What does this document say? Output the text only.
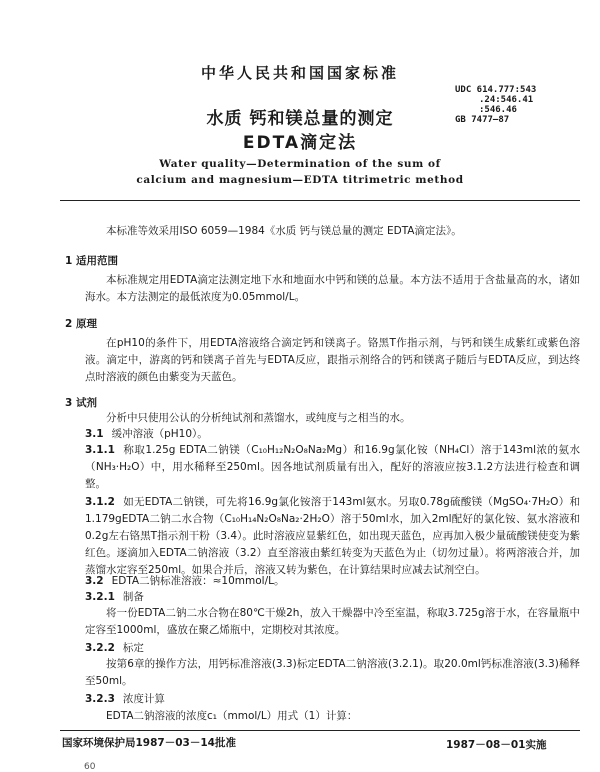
中华人民共和国国家标准
UDC 614.777:543
.24:546.41
:546.46
GB 7477—87
水质 钙和镁总量的测定
EDTA滴定法
Water quality—Determination of the sum of
calcium and magnesium—EDTA titrimetric method
本标准等效采用ISO 6059—1984《水质 钙与镁总量的测定 EDTA滴定法》。
1 适用范围
本标准规定用EDTA滴定法测定地下水和地面水中钙和镁的总量。本方法不适用于含盐量高的水，诸如海水。本方法测定的最低浓度为0.05mmol/L。
2 原理
在pH10的条件下，用EDTA溶液络合滴定钙和镁离子。铬黑T作指示剂，与钙和镁生成紫红或紫色溶液。滴定中，游离的钙和镁离子首先与EDTA反应，跟指示剂络合的钙和镁离子随后与EDTA反应，到达终点时溶液的颜色由紫变为天蓝色。
3 试剂
分析中只使用公认的分析纯试剂和蒸馏水，或纯度与之相当的水。
3.1 缓冲溶液（pH10）。
3.1.1 称取1.25g EDTA二钠镁（C₁₀H₁₂N₂O₈Na₂Mg）和16.9g氯化铵（NH₄Cl）溶于143ml浓的氨水（NH₃·H₂O）中，用水稀释至250ml。因各地试剂质量有出入，配好的溶液应按3.1.2方法进行检查和调整。
3.1.2 如无EDTA二钠镁，可先将16.9g氯化铵溶于143ml氨水。另取0.78g硫酸镁（MgSO₄·7H₂O）和1.179gEDTA二钠二水合物（C₁₀H₁₄N₂O₈Na₂·2H₂O）溶于50ml水，加入2ml配好的氯化铵、氨水溶液和0.2g左右铬黑T指示剂干粉（3.4）。此时溶液应显紫红色，如出现天蓝色，应再加入极少量硫酸镁使变为紫红色。逐滴加入EDTA二钠溶液（3.2）直至溶液由紫红转变为天蓝色为止（切勿过量）。将两溶液合并，加蒸馏水定容至250ml。如果合并后，溶液又转为紫色，在计算结果时应减去试剂空白。
3.2 EDTA二钠标准溶液：≈10mmol/L。
3.2.1 制备
将一份EDTA二钠二水合物在80℃干燥2h，放入干燥器中冷至室温，称取3.725g溶于水，在容量瓶中定容至1000ml，盛放在聚乙烯瓶中，定期校对其浓度。
3.2.2 标定
按第6章的操作方法，用钙标准溶液(3.3)标定EDTA二钠溶液(3.2.1)。取20.0ml钙标准溶液(3.3)稀释至50ml。
3.2.3 浓度计算
EDTA二钠溶液的浓度c₁（mmol/L）用式（1）计算：
国家环境保护局1987－03－14批准	1987－08－01实施
60
